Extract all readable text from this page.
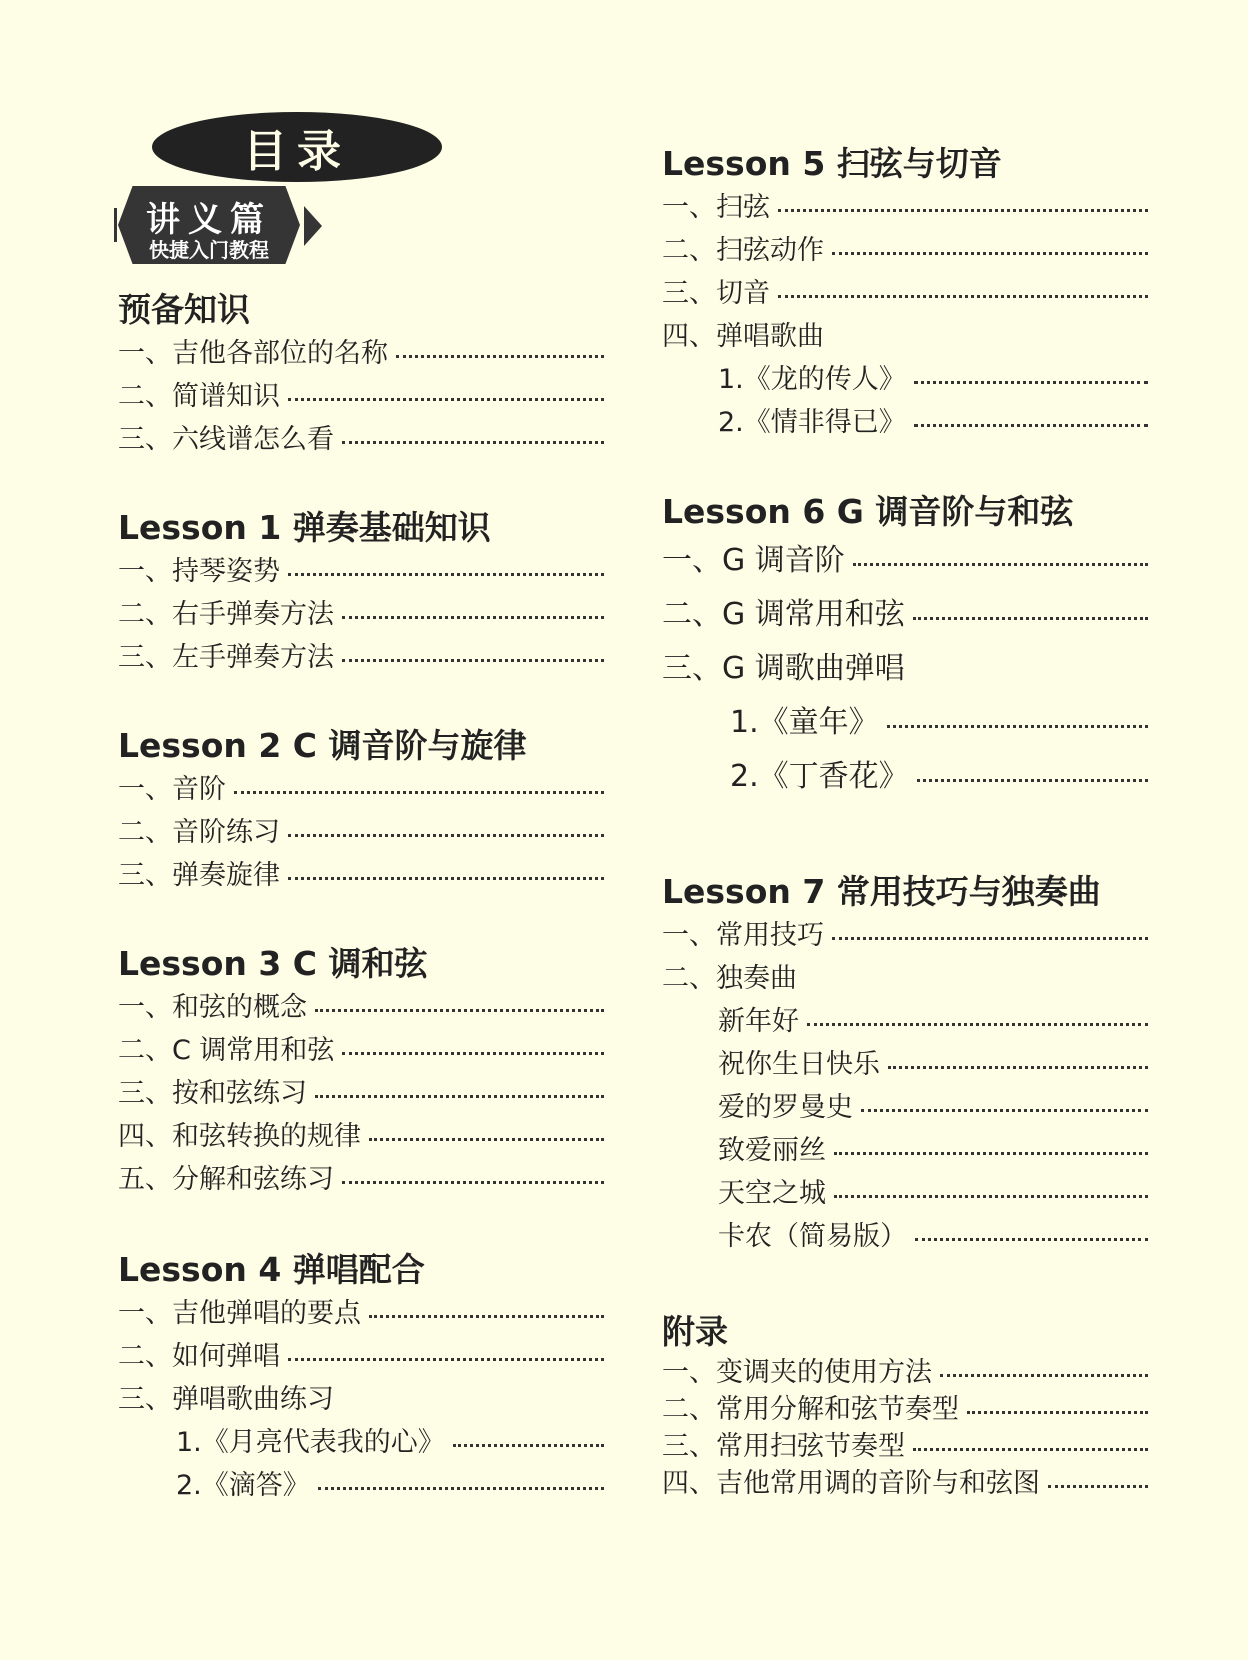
目录
讲义篇
快捷入门教程
预备知识
一、吉他各部位的名称
二、简谱知识
三、六线谱怎么看
Lesson 1 弹奏基础知识
一、持琴姿势
二、右手弹奏方法
三、左手弹奏方法
Lesson 2 C 调音阶与旋律
一、音阶
二、音阶练习
三、弹奏旋律
Lesson 3 C 调和弦
一、和弦的概念
二、C 调常用和弦
三、按和弦练习
四、和弦转换的规律
五、分解和弦练习
Lesson 4 弹唱配合
一、吉他弹唱的要点
二、如何弹唱
三、弹唱歌曲练习
1.《月亮代表我的心》
2.《滴答》
Lesson 5 扫弦与切音
一、扫弦
二、扫弦动作
三、切音
四、弹唱歌曲
1.《龙的传人》
2.《情非得已》
Lesson 6 G 调音阶与和弦
一、G 调音阶
二、G 调常用和弦
三、G 调歌曲弹唱
1.《童年》
2.《丁香花》
Lesson 7 常用技巧与独奏曲
一、常用技巧
二、独奏曲
新年好
祝你生日快乐
爱的罗曼史
致爱丽丝
天空之城
卡农（简易版）
附录
一、变调夹的使用方法
二、常用分解和弦节奏型
三、常用扫弦节奏型
四、吉他常用调的音阶与和弦图
